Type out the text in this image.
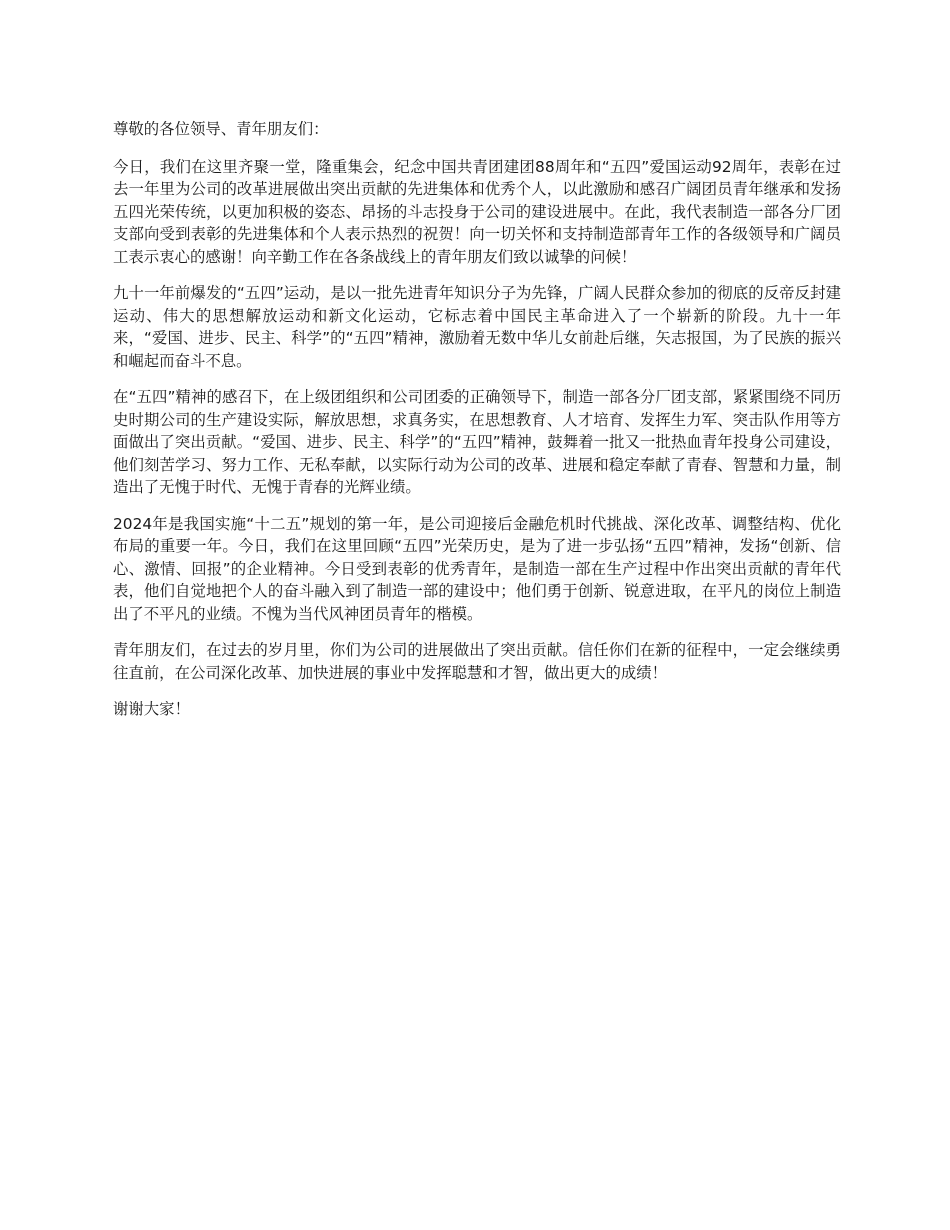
尊敬的各位领导、青年朋友们：

今日，我们在这里齐聚一堂，隆重集会，纪念中国共青团建团88周年和“五四”爱国运动92周年，表彰在过去一年里为公司的改革进展做出突出贡献的先进集体和优秀个人，以此激励和感召广阔团员青年继承和发扬五四光荣传统，以更加积极的姿态、昂扬的斗志投身于公司的建设进展中。在此，我代表制造一部各分厂团支部向受到表彰的先进集体和个人表示热烈的祝贺！向一切关怀和支持制造部青年工作的各级领导和广阔员工表示衷心的感谢！向辛勤工作在各条战线上的青年朋友们致以诚挚的问候！

九十一年前爆发的“五四”运动，是以一批先进青年知识分子为先锋，广阔人民群众参加的彻底的反帝反封建运动、伟大的思想解放运动和新文化运动，它标志着中国民主革命进入了一个崭新的阶段。九十一年来，“爱国、进步、民主、科学”的“五四”精神，激励着无数中华儿女前赴后继，矢志报国，为了民族的振兴和崛起而奋斗不息。

在“五四”精神的感召下，在上级团组织和公司团委的正确领导下，制造一部各分厂团支部，紧紧围绕不同历史时期公司的生产建设实际，解放思想，求真务实，在思想教育、人才培育、发挥生力军、突击队作用等方面做出了突出贡献。“爱国、进步、民主、科学”的“五四”精神，鼓舞着一批又一批热血青年投身公司建设，他们刻苦学习、努力工作、无私奉献，以实际行动为公司的改革、进展和稳定奉献了青春、智慧和力量，制造出了无愧于时代、无愧于青春的光辉业绩。

2024年是我国实施“十二五”规划的第一年，是公司迎接后金融危机时代挑战、深化改革、调整结构、优化布局的重要一年。今日，我们在这里回顾“五四”光荣历史，是为了进一步弘扬“五四”精神，发扬“创新、信心、激情、回报”的企业精神。今日受到表彰的优秀青年，是制造一部在生产过程中作出突出贡献的青年代表，他们自觉地把个人的奋斗融入到了制造一部的建设中；他们勇于创新、锐意进取，在平凡的岗位上制造出了不平凡的业绩。不愧为当代风神团员青年的楷模。

青年朋友们，在过去的岁月里，你们为公司的进展做出了突出贡献。信任你们在新的征程中，一定会继续勇往直前，在公司深化改革、加快进展的事业中发挥聪慧和才智，做出更大的成绩！

谢谢大家！
